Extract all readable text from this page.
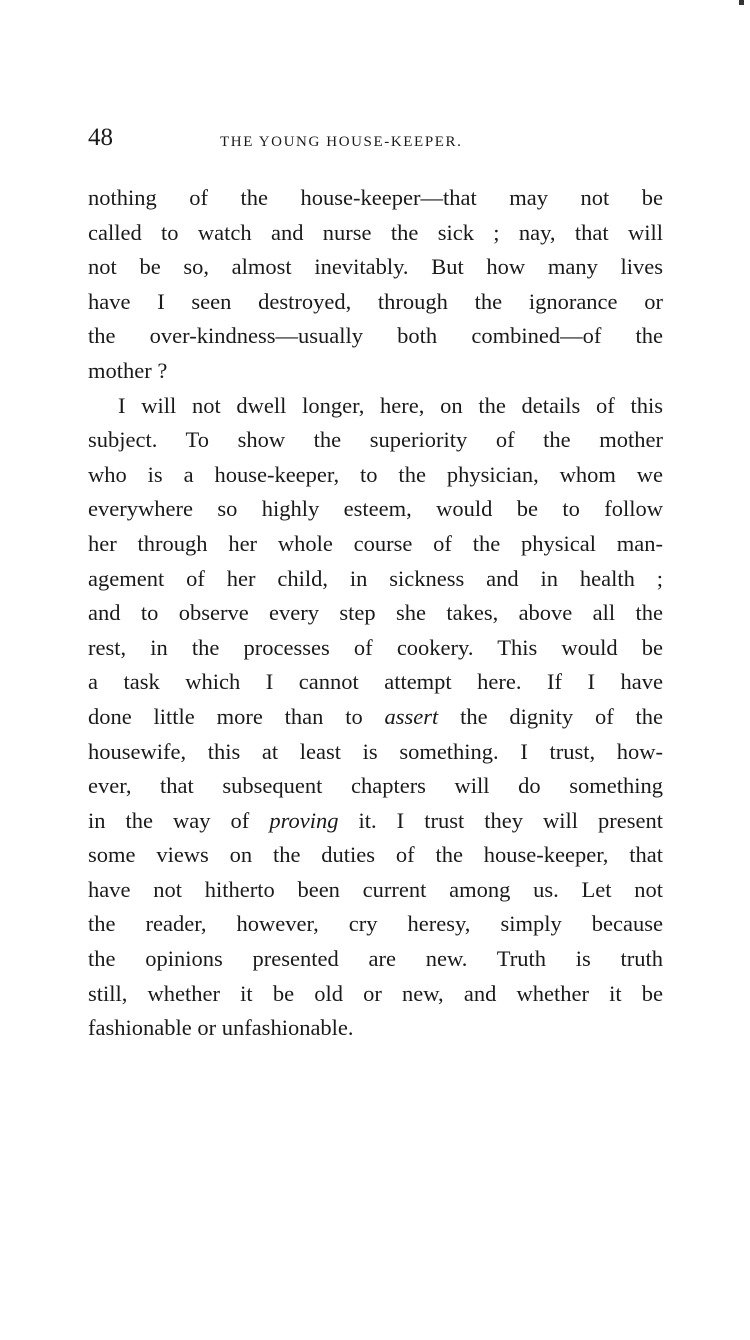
48	THE YOUNG HOUSE-KEEPER.
nothing of the house-keeper—that may not be
called to watch and nurse the sick ; nay, that will
not be so, almost inevitably. But how many lives
have I seen destroyed, through the ignorance or
the over-kindness—usually both combined—of the
mother ?
I will not dwell longer, here, on the details of this
subject. To show the superiority of the mother
who is a house-keeper, to the physician, whom we
everywhere so highly esteem, would be to follow
her through her whole course of the physical man-
agement of her child, in sickness and in health ;
and to observe every step she takes, above all the
rest, in the processes of cookery. This would be
a task which I cannot attempt here. If I have
done little more than to assert the dignity of the
housewife, this at least is something. I trust, how-
ever, that subsequent chapters will do something
in the way of proving it. I trust they will present
some views on the duties of the house-keeper, that
have not hitherto been current among us. Let not
the reader, however, cry heresy, simply because
the opinions presented are new. Truth is truth
still, whether it be old or new, and whether it be
fashionable or unfashionable.
